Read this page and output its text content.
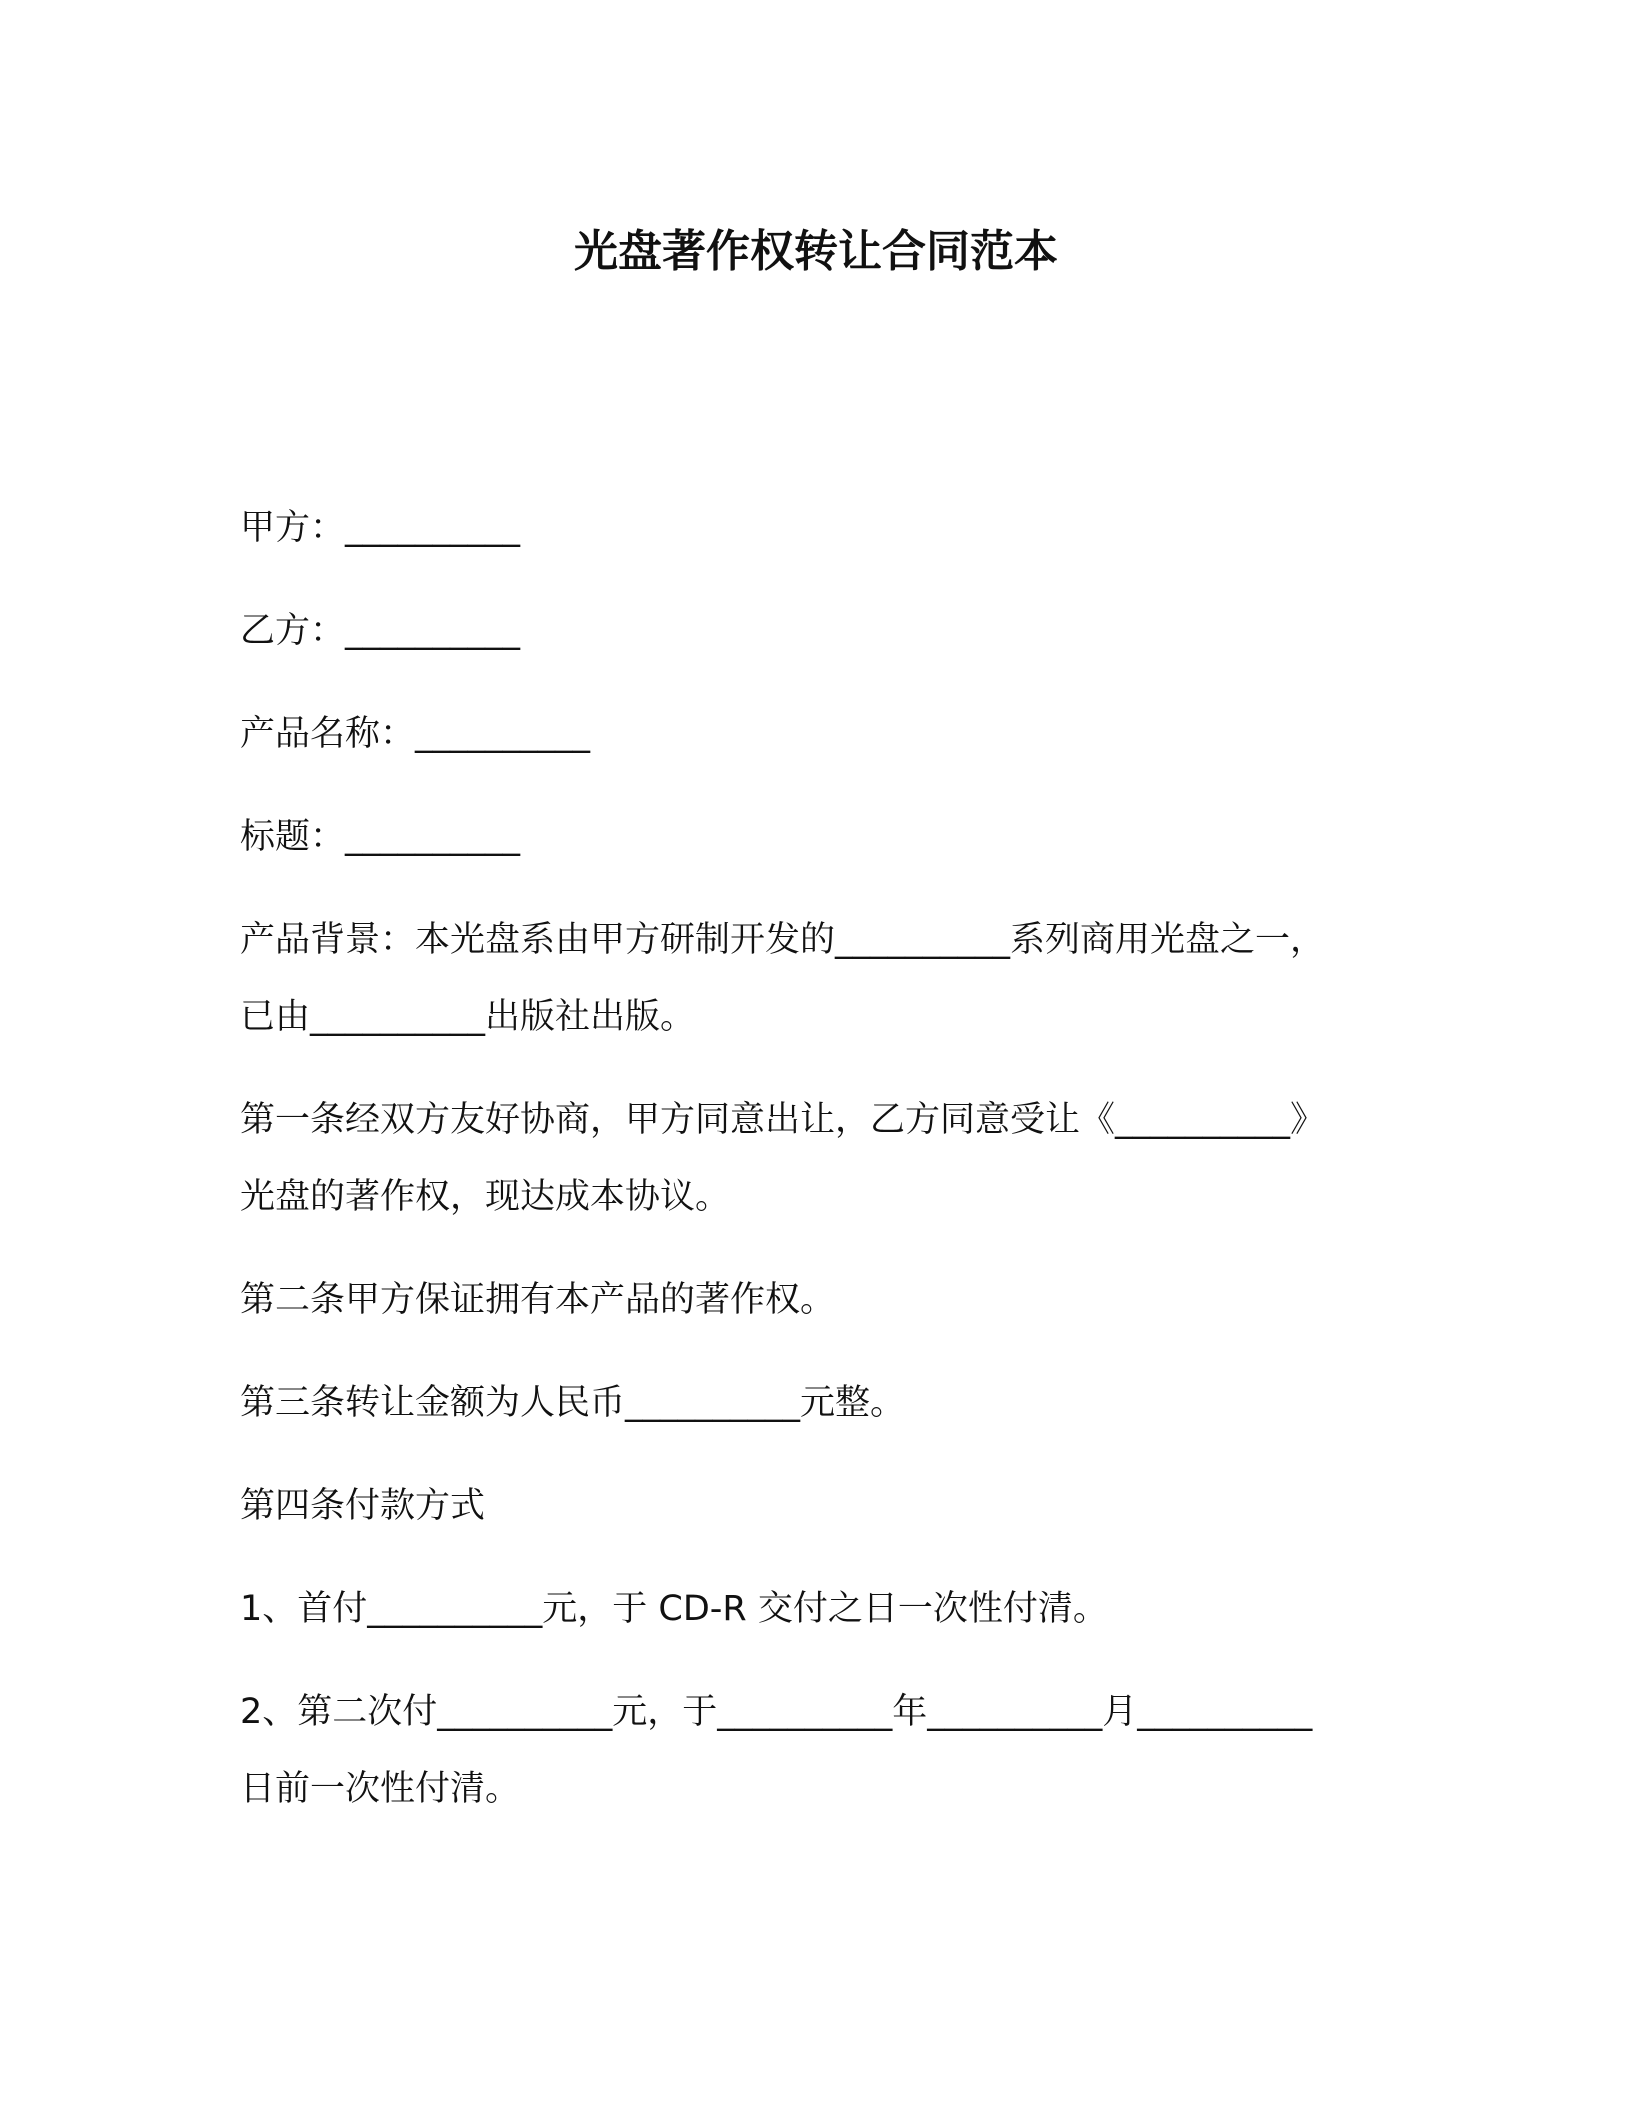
光盘著作权转让合同范本
甲方：__________
乙方：__________
产品名称：__________
标题：__________
产品背景：本光盘系由甲方研制开发的__________系列商用光盘之一，
已由__________出版社出版。
第一条经双方友好协商，甲方同意出让，乙方同意受让《__________》
光盘的著作权，现达成本协议。
第二条甲方保证拥有本产品的著作权。
第三条转让金额为人民币__________元整。
第四条付款方式
1、首付__________元，于 CD-R 交付之日一次性付清。
2、第二次付__________元，于__________年__________月__________
日前一次性付清。
